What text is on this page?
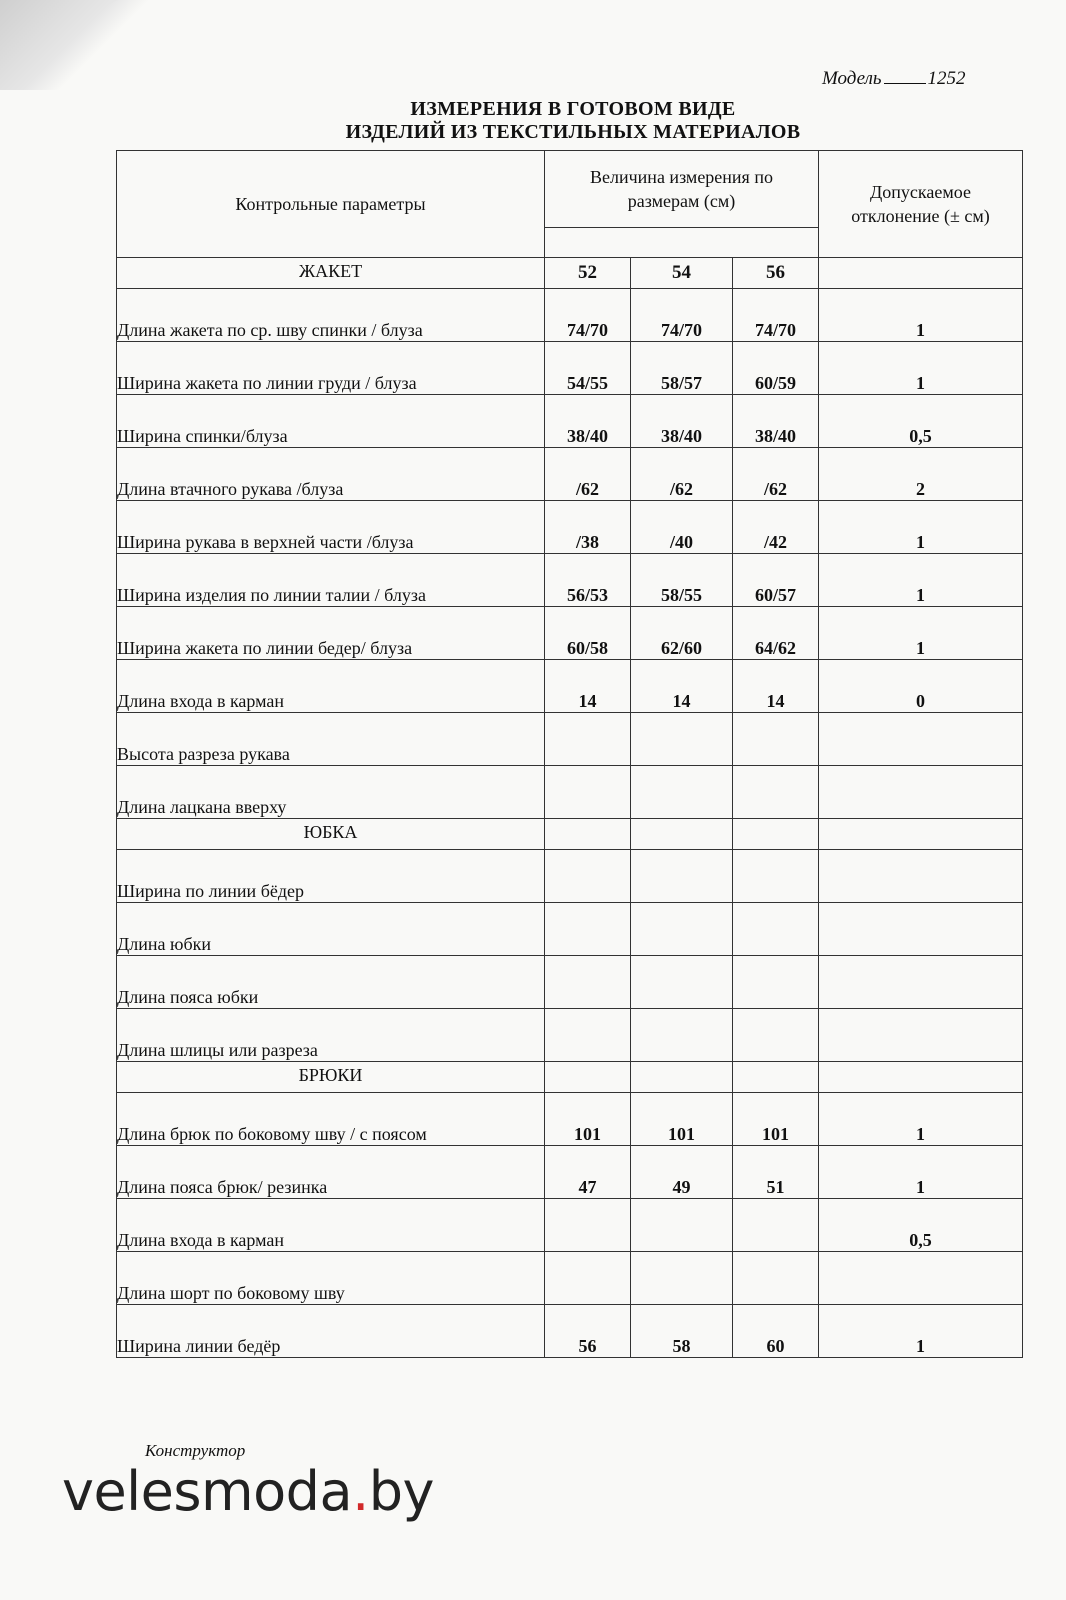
Модель 1252
ИЗМЕРЕНИЯ В ГОТОВОМ ВИДЕ
ИЗДЕЛИЙ ИЗ ТЕКСТИЛЬНЫХ МАТЕРИАЛОВ
Контрольные параметры	Величина измерения по
размерам (см)			Допускаемое
отклонение (± см)

ЖАКЕТ	52	54	56	
Длина жакета по ср. шву спинки / блуза	74/70	74/70	74/70	1
Ширина жакета по линии груди / блуза	54/55	58/57	60/59	1
Ширина спинки/блуза	38/40	38/40	38/40	0,5
Длина втачного рукава /блуза	/62	/62	/62	2
Ширина рукава в верхней части /блуза	/38	/40	/42	1
Ширина изделия по линии талии / блуза	56/53	58/55	60/57	1
Ширина жакета по линии бедер/ блуза	60/58	62/60	64/62	1
Длина входа в карман	14	14	14	0
Высота разреза рукава				
Длина лацкана вверху				
ЮБКА				
Ширина по линии бёдер				
Длина юбки				
Длина пояса юбки				
Длина шлицы или разреза				
БРЮКИ				
Длина брюк по боковому шву / с поясом	101	101	101	1
Длина пояса брюк/ резинка	47	49	51	1
Длина входа в карман				0,5
Длина шорт по боковому шву				
Ширина линии бедёр	56	58	60	1
Конструктор
velesmoda.by
